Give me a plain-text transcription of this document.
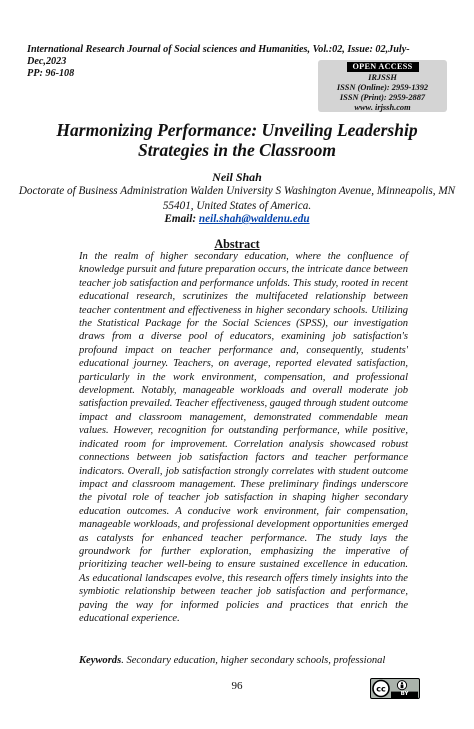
International Research Journal of Social sciences and Humanities, Vol.:02, Issue: 02,July-Dec,2023
PP: 96-108
OPEN ACCESS
IRJSSH
ISSN (Online): 2959-1392
ISSN (Print): 2959-2887
www. irjssh.com
Harmonizing Performance: Unveiling Leadership Strategies in the Classroom
Neil Shah
Doctorate of Business Administration Walden University S Washington Avenue, Minneapolis, MN 55401, United States of America.
Email: neil.shah@waldenu.edu
Abstract
In the realm of higher secondary education, where the confluence of knowledge pursuit and future preparation occurs, the intricate dance between teacher job satisfaction and performance unfolds. This study, rooted in recent educational research, scrutinizes the multifaceted relationship between teacher contentment and effectiveness in higher secondary schools. Utilizing the Statistical Package for the Social Sciences (SPSS), our investigation draws from a diverse pool of educators, examining job satisfaction's profound impact on teacher performance and, consequently, students' educational journey. Teachers, on average, reported elevated satisfaction, particularly in the work environment, compensation, and professional development. Notably, manageable workloads and overall moderate job satisfaction prevailed. Teacher effectiveness, gauged through student outcome impact and classroom management, demonstrated commendable mean values. However, recognition for outstanding performance, while positive, indicated room for improvement. Correlation analysis showcased robust connections between job satisfaction factors and teacher performance indicators. Overall, job satisfaction strongly correlates with student outcome impact and classroom management. These preliminary findings underscore the pivotal role of teacher job satisfaction in shaping higher secondary education outcomes. A conducive work environment, fair compensation, manageable workloads, and professional development opportunities emerged as catalysts for enhanced teacher performance. The study lays the groundwork for further exploration, emphasizing the imperative of prioritizing teacher well-being to ensure sustained excellence in education. As educational landscapes evolve, this research offers timely insights into the symbiotic relationship between teacher job satisfaction and performance, paving the way for informed policies and practices that enrich the educational experience.
Keywords. Secondary education, higher secondary schools, professional
96	cc
BY
